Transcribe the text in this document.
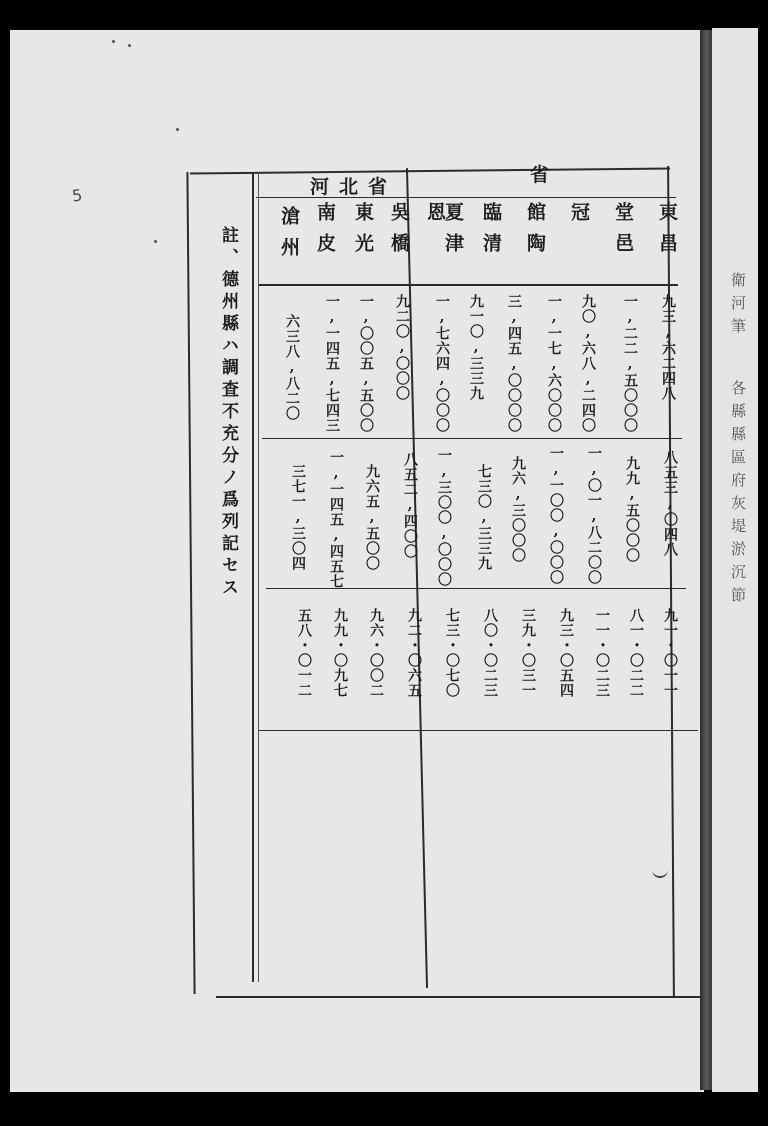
5
省
河北省
東昌
堂邑
冠
館陶
臨清
夏津
恩
吳橋
東光
南皮
滄州
九三,六二四八
一,二二,五〇〇〇
九〇,六八,二四〇
一,一七,六〇〇〇
三,四五,〇〇〇〇
九一〇,三三九
一,七六四,〇〇〇
九二〇,〇〇〇
一,〇〇五,五〇〇
一,一四五,七四三
六三八,八二〇
八五三,〇四八
九九,五〇〇〇
一,〇一,八二〇〇
一,一〇〇,〇〇〇
九六,三〇〇〇
七三〇,三三九
一,三〇〇,〇〇〇
八五二,四〇〇
九六五,五〇〇
一,一四五,四五七
三七一,三〇四
九一・〇一一
八一・〇二二
一一・〇二三
九三・〇五四
三九・〇三一
八〇・〇二三
七三・〇七〇
九二・〇六五
九六・〇〇二
九九・〇九七
五八・〇一二
註、德州縣ハ調査不充分ノ爲列記セス	衛河筆
各縣縣區府灰堤淤沉節
